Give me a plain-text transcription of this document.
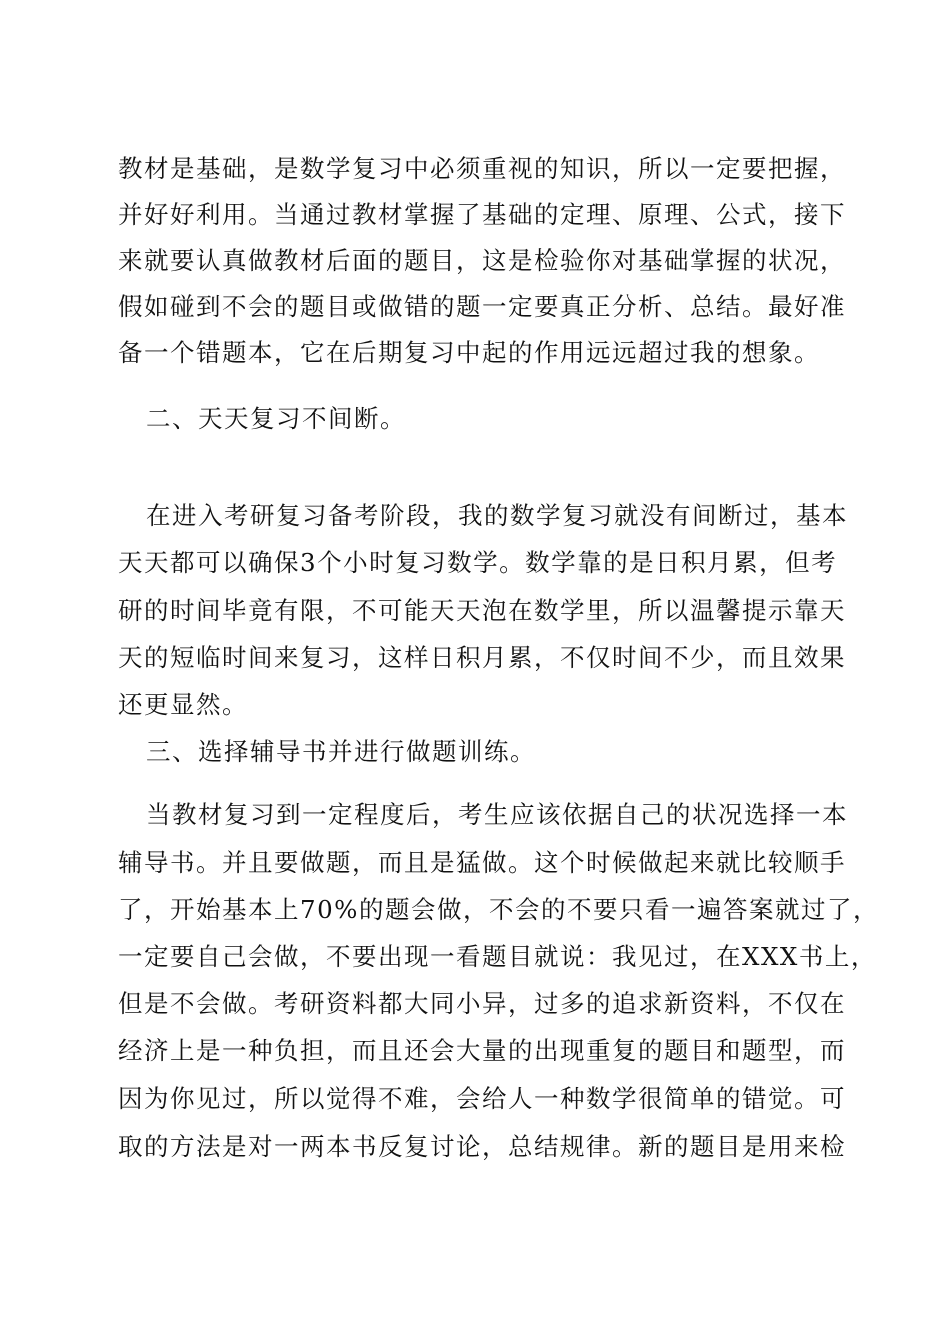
教材是基础，是数学复习中必须重视的知识，所以一定要把握，
并好好利用。当通过教材掌握了基础的定理、原理、公式，接下
来就要认真做教材后面的题目，这是检验你对基础掌握的状况，
假如碰到不会的题目或做错的题一定要真正分析、总结。最好准
备一个错题本，它在后期复习中起的作用远远超过我的想象。
二、天天复习不间断。
在进入考研复习备考阶段，我的数学复习就没有间断过，基本
天天都可以确保3个小时复习数学。数学靠的是日积月累，但考
研的时间毕竟有限，不可能天天泡在数学里，所以温馨提示靠天
天的短临时间来复习，这样日积月累，不仅时间不少，而且效果
还更显然。
三、选择辅导书并进行做题训练。
当教材复习到一定程度后，考生应该依据自己的状况选择一本
辅导书。并且要做题，而且是猛做。这个时候做起来就比较顺手
了，开始基本上70%的题会做，不会的不要只看一遍答案就过了，
一定要自己会做，不要出现一看题目就说：我见过，在XXX书上，
但是不会做。考研资料都大同小异，过多的追求新资料，不仅在
经济上是一种负担，而且还会大量的出现重复的题目和题型，而
因为你见过，所以觉得不难，会给人一种数学很简单的错觉。可
取的方法是对一两本书反复讨论，总结规律。新的题目是用来检
